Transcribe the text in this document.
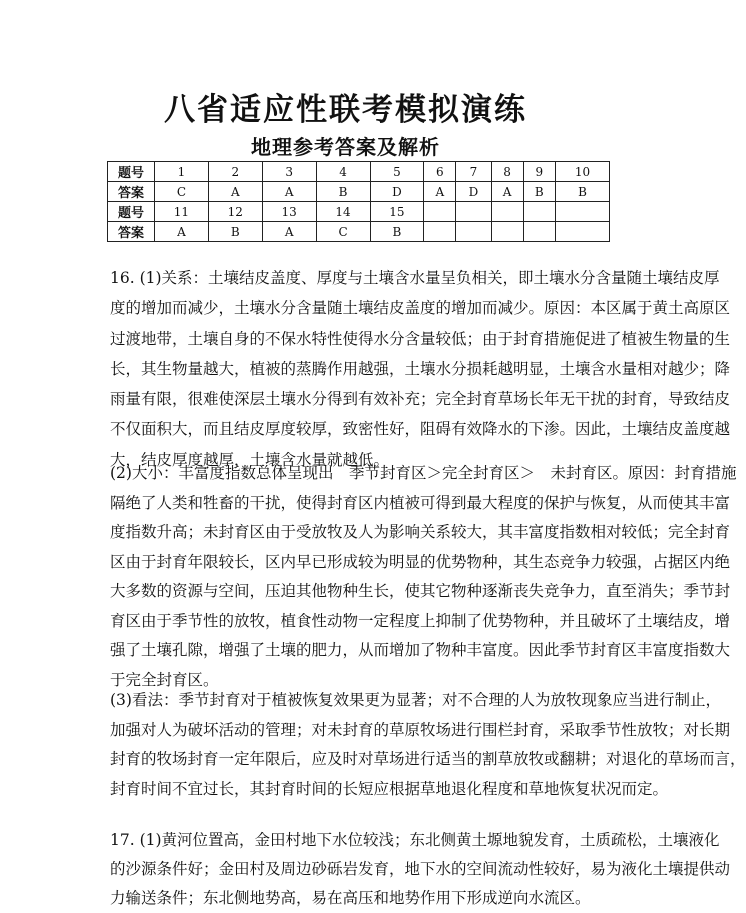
八省适应性联考模拟演练
地理参考答案及解析
题号	1	2	3	4	5	6	7	8	9	10
答案	C	A	A	B	D	A	D	A	B	B
题号	11	12	13	14	15					
答案	A	B	A	C	B					
16. (1)关系：土壤结皮盖度、厚度与土壤含水量呈负相关，即土壤水分含量随土壤结皮厚
度的增加而减少，土壤水分含量随土壤结皮盖度的增加而减少。原因：本区属于黄土高原区
过渡地带，土壤自身的不保水特性使得水分含量较低；由于封育措施促进了植被生物量的生
长，其生物量越大，植被的蒸腾作用越强，土壤水分损耗越明显，土壤含水量相对越少；降
雨量有限，很难使深层土壤水分得到有效补充；完全封育草场长年无干扰的封育，导致结皮
不仅面积大，而且结皮厚度较厚，致密性好，阻碍有效降水的下渗。因此，土壤结皮盖度越
大，结皮厚度越厚，土壤含水量就越低。
(2)大小：丰富度指数总体呈现出　季节封育区＞完全封育区＞　未封育区。原因：封育措施
隔绝了人类和牲畜的干扰，使得封育区内植被可得到最大程度的保护与恢复，从而使其丰富
度指数升高；未封育区由于受放牧及人为影响关系较大，其丰富度指数相对较低；完全封育
区由于封育年限较长，区内早已形成较为明显的优势物种，其生态竞争力较强，占据区内绝
大多数的资源与空间，压迫其他物种生长，使其它物种逐渐丧失竞争力，直至消失；季节封
育区由于季节性的放牧，植食性动物一定程度上抑制了优势物种，并且破坏了土壤结皮，增
强了土壤孔隙，增强了土壤的肥力，从而增加了物种丰富度。因此季节封育区丰富度指数大
于完全封育区。
(3)看法：季节封育对于植被恢复效果更为显著；对不合理的人为放牧现象应当进行制止，
加强对人为破坏活动的管理；对未封育的草原牧场进行围栏封育，采取季节性放牧；对长期
封育的牧场封育一定年限后，应及时对草场进行适当的割草放牧或翻耕；对退化的草场而言，
封育时间不宜过长，其封育时间的长短应根据草地退化程度和草地恢复状况而定。
17. (1)黄河位置高，金田村地下水位较浅；东北侧黄土塬地貌发育，土质疏松，土壤液化
的沙源条件好；金田村及周边砂砾岩发育，地下水的空间流动性较好，易为液化土壤提供动
力输送条件；东北侧地势高，易在高压和地势作用下形成逆向水流区。
